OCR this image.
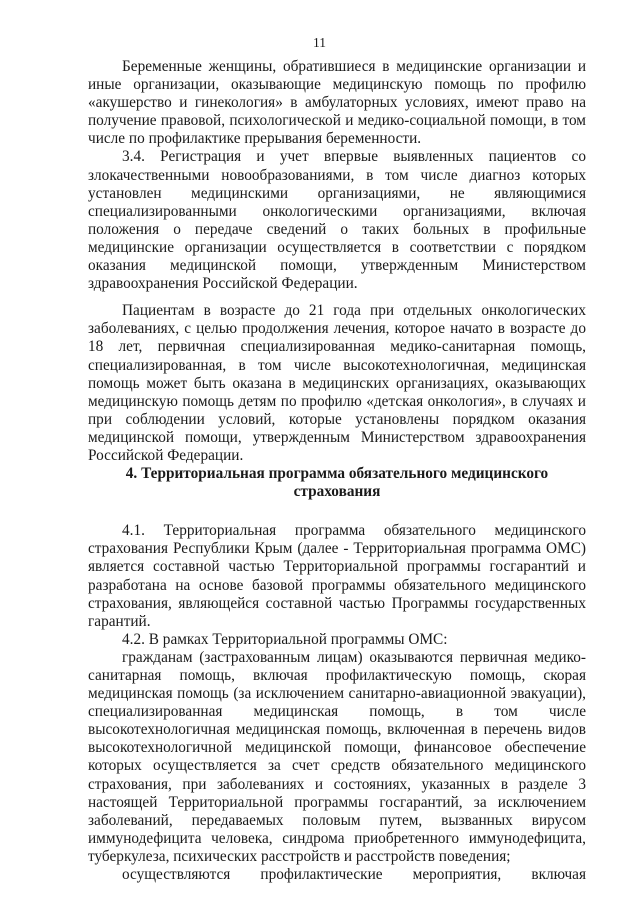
11

Беременные женщины, обратившиеся в медицинские организации и иные организации, оказывающие медицинскую помощь по профилю «акушерство и гинекология» в амбулаторных условиях, имеют право на получение правовой, психологической и медико-социальной помощи, в том числе по профилактике прерывания беременности.

3.4. Регистрация и учет впервые выявленных пациентов со злокачественными новообразованиями, в том числе диагноз которых установлен медицинскими организациями, не являющимися специализированными онкологическими организациями, включая положения о передаче сведений о таких больных в профильные медицинские организации осуществляется в соответствии с порядком оказания медицинской помощи, утвержденным Министерством здравоохранения Российской Федерации.

Пациентам в возрасте до 21 года при отдельных онкологических заболеваниях, с целью продолжения лечения, которое начато в возрасте до 18 лет, первичная специализированная медико-санитарная помощь, специализированная, в том числе высокотехнологичная, медицинская помощь может быть оказана в медицинских организациях, оказывающих медицинскую помощь детям по профилю «детская онкология», в случаях и при соблюдении условий, которые установлены порядком оказания медицинской помощи, утвержденным Министерством здравоохранения Российской Федерации.

4. Территориальная программа обязательного медицинского страхования

4.1. Территориальная программа обязательного медицинского страхования Республики Крым (далее - Территориальная программа ОМС) является составной частью Территориальной программы госгарантий и разработана на основе базовой программы обязательного медицинского страхования, являющейся составной частью Программы государственных гарантий.

4.2. В рамках Территориальной программы ОМС:

гражданам (застрахованным лицам) оказываются первичная медико-санитарная помощь, включая профилактическую помощь, скорая медицинская помощь (за исключением санитарно-авиационной эвакуации), специализированная медицинская помощь, в том числе высокотехнологичная медицинская помощь, включенная в перечень видов высокотехнологичной медицинской помощи, финансовое обеспечение которых осуществляется за счет средств обязательного медицинского страхования, при заболеваниях и состояниях, указанных в разделе 3 настоящей Территориальной программы госгарантий, за исключением заболеваний, передаваемых половым путем, вызванных вирусом иммунодефицита человека, синдрома приобретенного иммунодефицита, туберкулеза, психических расстройств и расстройств поведения;

осуществляются профилактические мероприятия, включая
